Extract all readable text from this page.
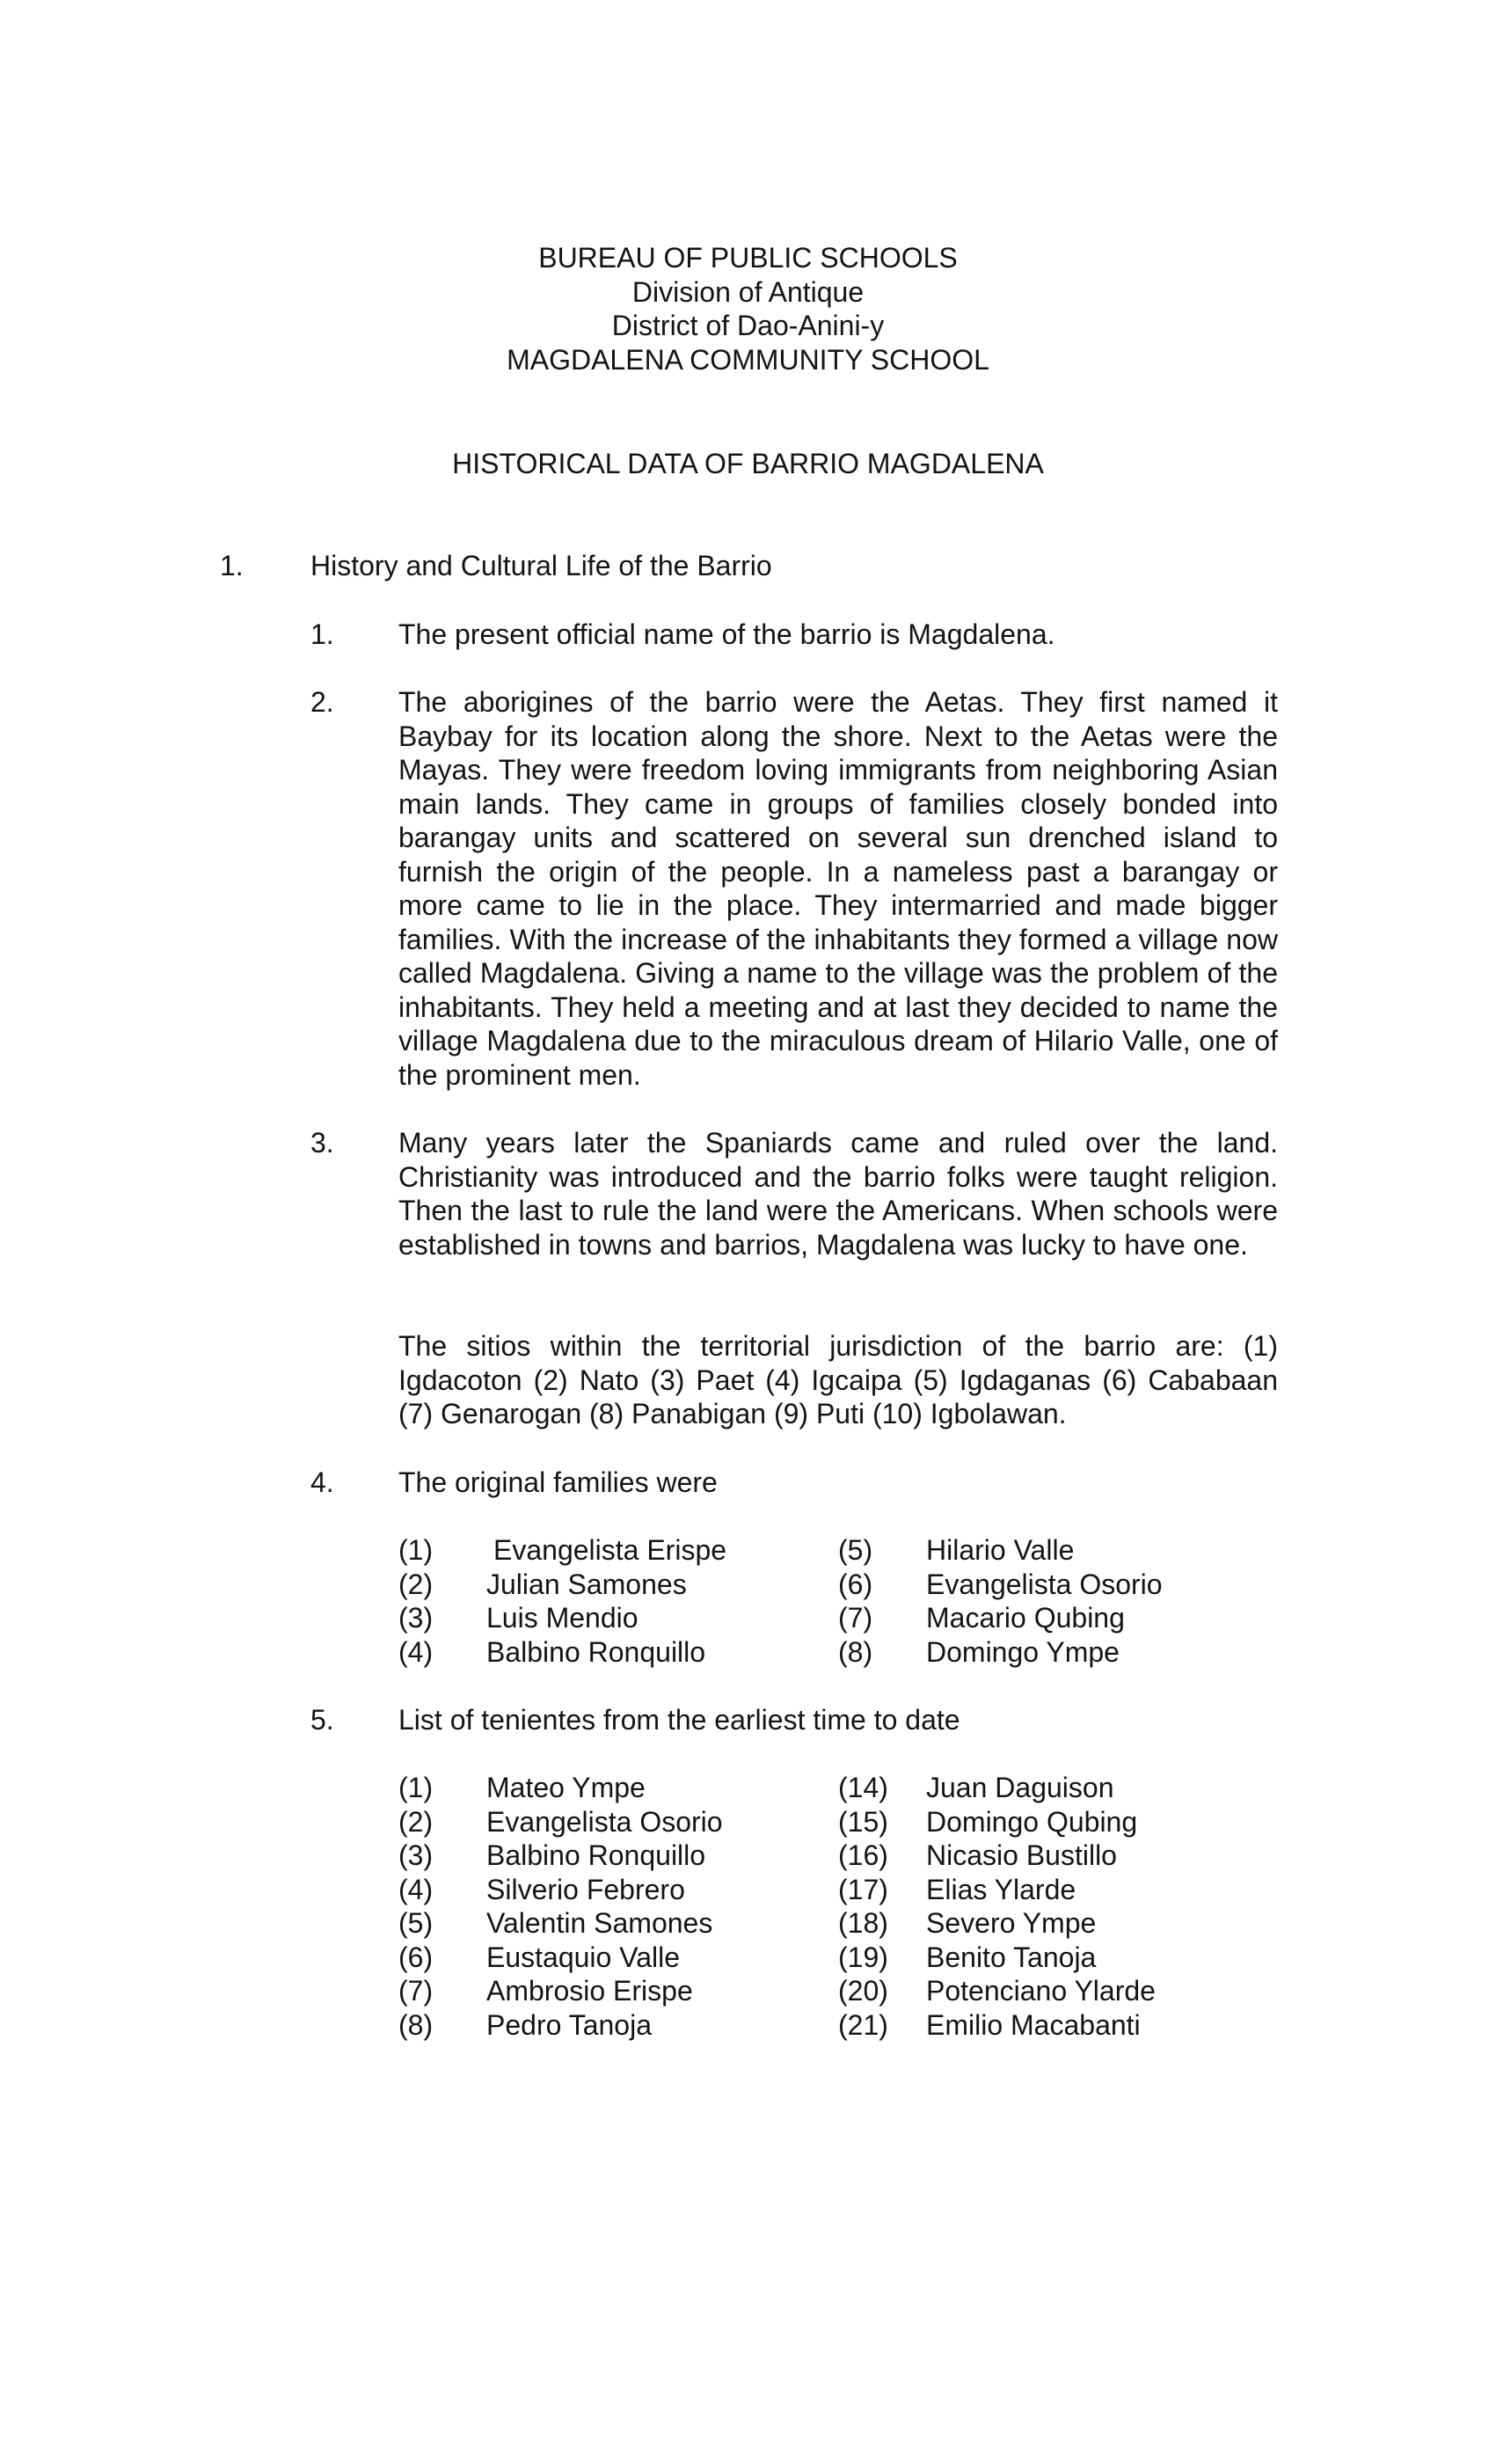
BUREAU OF PUBLIC SCHOOLS
Division of Antique
District of Dao-Anini-y
MAGDALENA COMMUNITY SCHOOL
HISTORICAL DATA OF BARRIO MAGDALENA
1. History and Cultural Life of the Barrio
1. The present official name of the barrio is Magdalena.
2. The aborigines of the barrio were the Aetas. They first named it Baybay for its location along the shore. Next to the Aetas were the Mayas. They were freedom loving immigrants from neighboring Asian main lands. They came in groups of families closely bonded into barangay units and scattered on several sun drenched island to furnish the origin of the people. In a nameless past a barangay or more came to lie in the place. They intermarried and made bigger families. With the increase of the inhabitants they formed a village now called Magdalena. Giving a name to the village was the problem of the inhabitants. They held a meeting and at last they decided to name the village Magdalena due to the miraculous dream of Hilario Valle, one of the prominent men.
3. Many years later the Spaniards came and ruled over the land. Christianity was introduced and the barrio folks were taught religion. Then the last to rule the land were the Americans. When schools were established in towns and barrios, Magdalena was lucky to have one.
The sitios within the territorial jurisdiction of the barrio are: (1) Igdacoton (2) Nato (3) Paet (4) Igcaipa (5) Igdaganas (6) Cababaan (7) Genarogan (8) Panabigan (9) Puti (10) Igbolawan.
4. The original families were
(1) Evangelista Erispe	(5) Hilario Valle
(2) Julian Samones	(6) Evangelista Osorio
(3) Luis Mendio	(7) Macario Qubing
(4) Balbino Ronquillo	(8) Domingo Ympe
5. List of tenientes from the earliest time to date
(1) Mateo Ympe	(14) Juan Daguison
(2) Evangelista Osorio	(15) Domingo Qubing
(3) Balbino Ronquillo	(16) Nicasio Bustillo
(4) Silverio Febrero	(17) Elias Ylarde
(5) Valentin Samones	(18) Severo Ympe
(6) Eustaquio Valle	(19) Benito Tanoja
(7) Ambrosio Erispe	(20) Potenciano Ylarde
(8) Pedro Tanoja	(21) Emilio Macabanti
